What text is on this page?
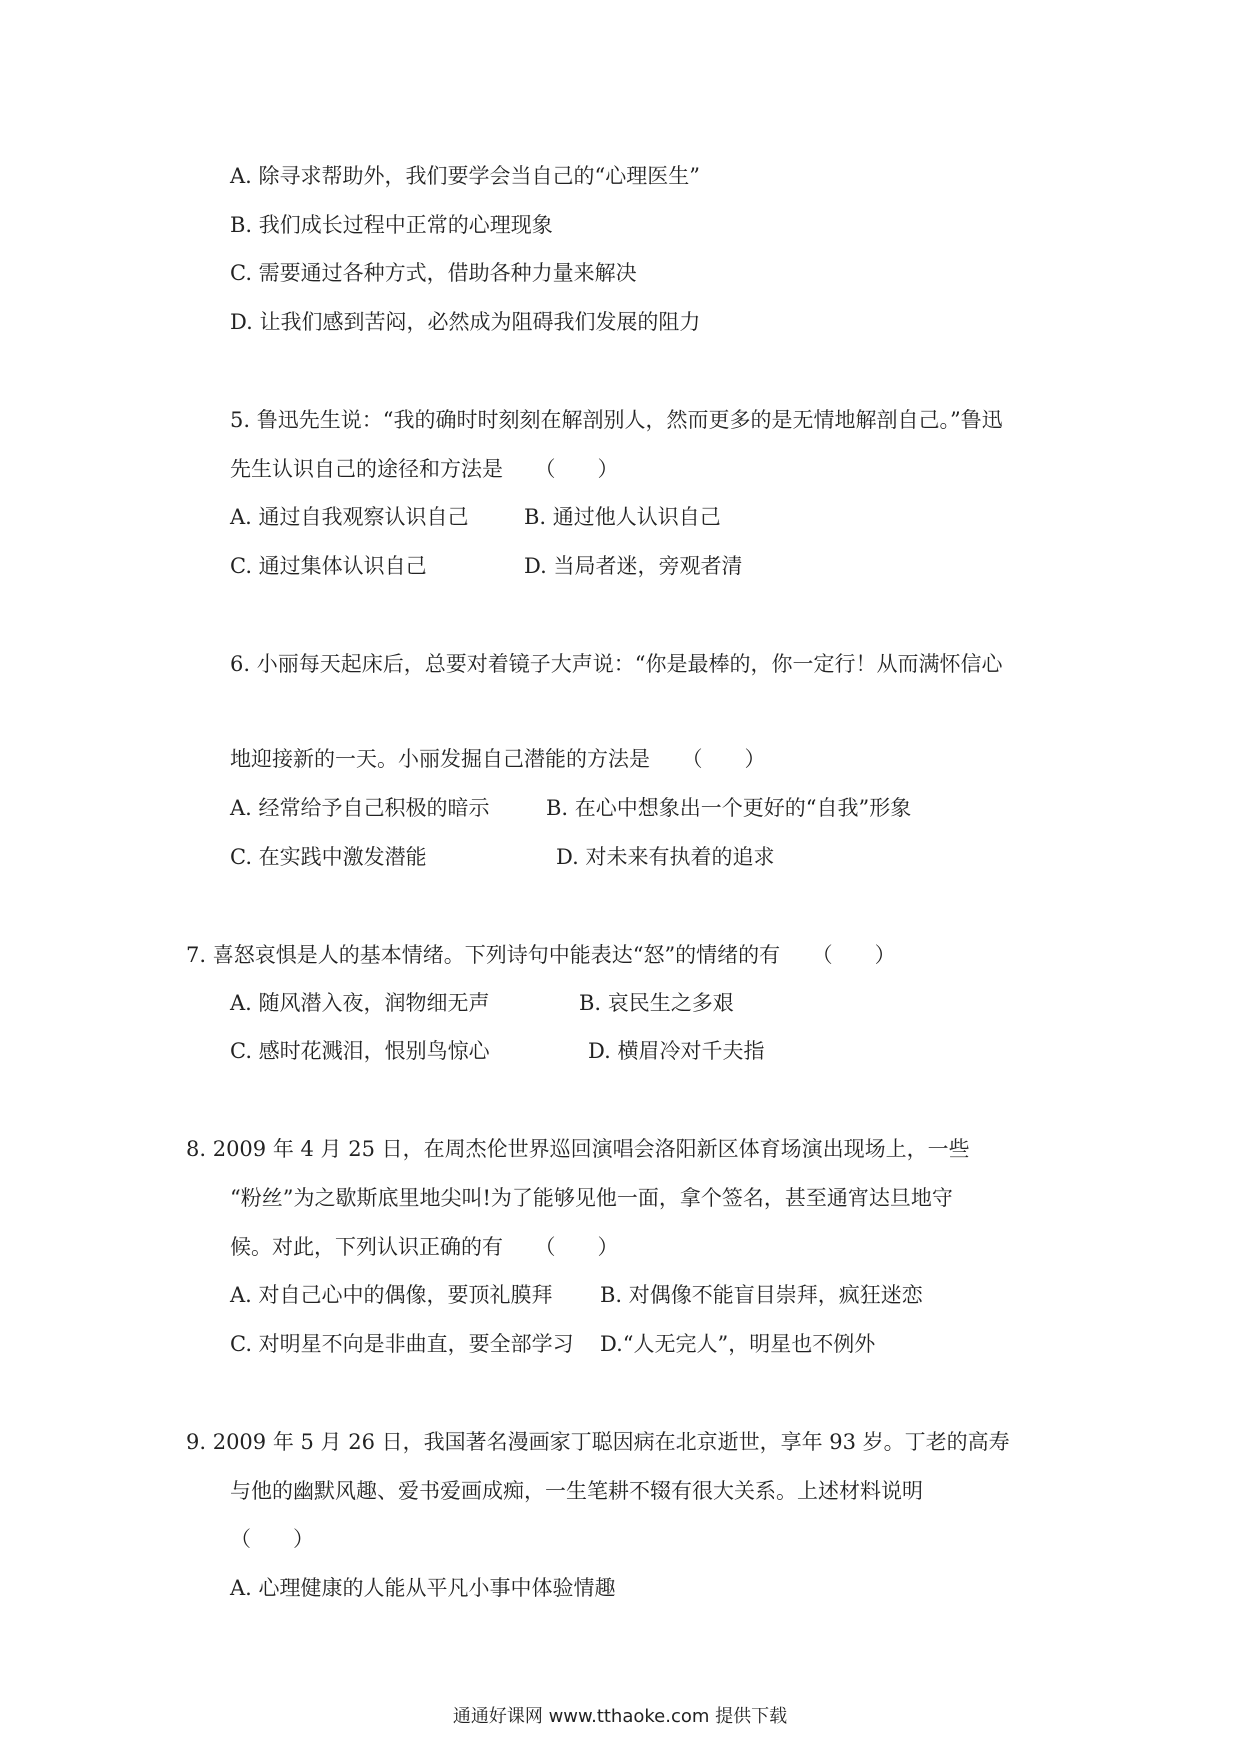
A. 除寻求帮助外，我们要学会当自己的“心理医生”
B. 我们成长过程中正常的心理现象
C. 需要通过各种方式，借助各种力量来解决
D. 让我们感到苦闷，必然成为阻碍我们发展的阻力
5. 鲁迅先生说：“我的确时时刻刻在解剖别人，然而更多的是无情地解剖自己。”鲁迅
先生认识自己的途径和方法是　　（　　）
A. 通过自我观察认识自己	B. 通过他人认识自己
C. 通过集体认识自己	D. 当局者迷，旁观者清
6. 小丽每天起床后，总要对着镜子大声说：“你是最棒的，你一定行！从而满怀信心
地迎接新的一天。小丽发掘自己潜能的方法是　　（　　）
A. 经常给予自己积极的暗示	B. 在心中想象出一个更好的“自我”形象
C. 在实践中激发潜能	D. 对未来有执着的追求
7. 喜怒哀惧是人的基本情绪。下列诗句中能表达“怒”的情绪的有　　（　　）
A. 随风潜入夜，润物细无声	B. 哀民生之多艰
C. 感时花溅泪，恨别鸟惊心	D. 横眉冷对千夫指
8. 2009 年 4 月 25 日，在周杰伦世界巡回演唱会洛阳新区体育场演出现场上，一些
“粉丝”为之歇斯底里地尖叫!为了能够见他一面，拿个签名，甚至通宵达旦地守
候。对此，下列认识正确的有　　（　　）
A. 对自己心中的偶像，要顶礼膜拜 B. 对偶像不能盲目崇拜，疯狂迷恋
C. 对明星不向是非曲直，要全部学习 D.“人无完人”，明星也不例外
9. 2009 年 5 月 26 日，我国著名漫画家丁聪因病在北京逝世，享年 93 岁。丁老的高寿
与他的幽默风趣、爱书爱画成痴，一生笔耕不辍有很大关系。上述材料说明
（　　）
A. 心理健康的人能从平凡小事中体验情趣
通通好课网 www.tthaoke.com 提供下载
